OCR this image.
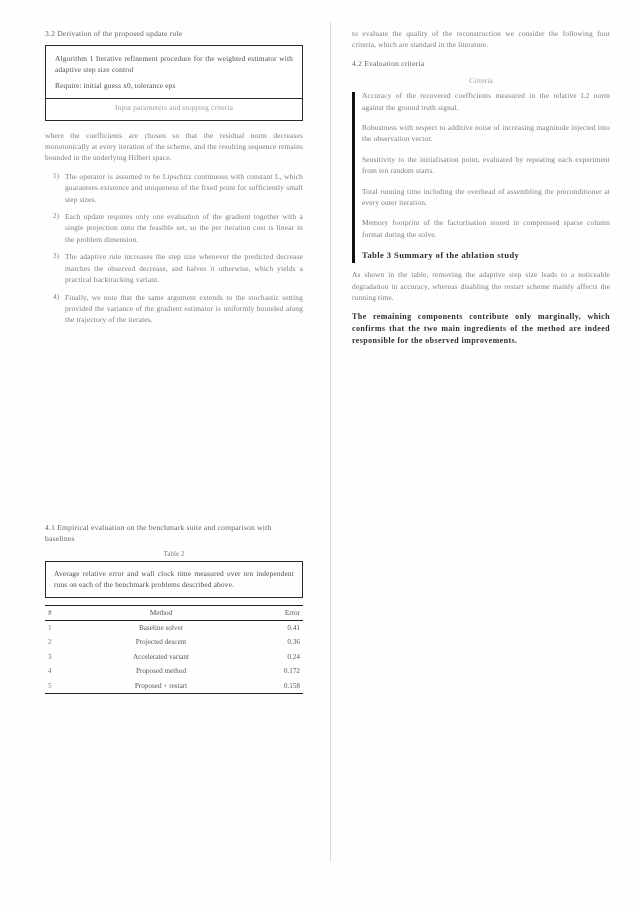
3.2 Derivation of the proposed update rule
Algorithm 1 Iterative refinement procedure for the weighted estimator with adaptive step size control
Require: initial guess x0, tolerance eps
Input parameters and stopping criteria

where the coefficients are chosen so that the residual norm decreases monotonically at every iteration of the scheme, and the resulting sequence remains bounded in the underlying Hilbert space.

1) The operator is assumed to be Lipschitz continuous with constant L, which guarantees existence and uniqueness of the fixed point for sufficiently small step sizes.
2) Each update requires only one evaluation of the gradient together with a single projection onto the feasible set, so the per iteration cost is linear in the problem dimension.
3) The adaptive rule increases the step size whenever the predicted decrease matches the observed decrease, and halves it otherwise, which yields a practical backtracking variant.
4) Finally, we note that the same argument extends to the stochastic setting provided the variance of the gradient estimator is uniformly bounded along the trajectory of the iterates.
4.1 Empirical evaluation on the benchmark suite and comparison with baselines
Table 2
Average relative error and wall clock time measured over ten independent runs on each of the benchmark problems described above.
#	Method	Error
1	Baseline solver	0.41
2	Projected descent	0.36
3	Accelerated variant	0.24
4	Proposed method	0.172
5	Proposed + restart	0.158

to evaluate the quality of the reconstruction we consider the following four criteria, which are standard in the literature.

4.2 Evaluation criteria
Criteria
Accuracy of the recovered coefficients measured in the relative L2 norm against the ground truth signal.
Robustness with respect to additive noise of increasing magnitude injected into the observation vector.
Sensitivity to the initialisation point, evaluated by repeating each experiment from ten random starts.
Total running time including the overhead of assembling the preconditioner at every outer iteration.
Memory footprint of the factorisation stored in compressed sparse column format during the solve.
Table 3 Summary of the ablation study

As shown in the table, removing the adaptive step size leads to a noticeable degradation in accuracy, whereas disabling the restart scheme mainly affects the running time.

The remaining components contribute only marginally, which confirms that the two main ingredients of the method are indeed responsible for the observed improvements.
